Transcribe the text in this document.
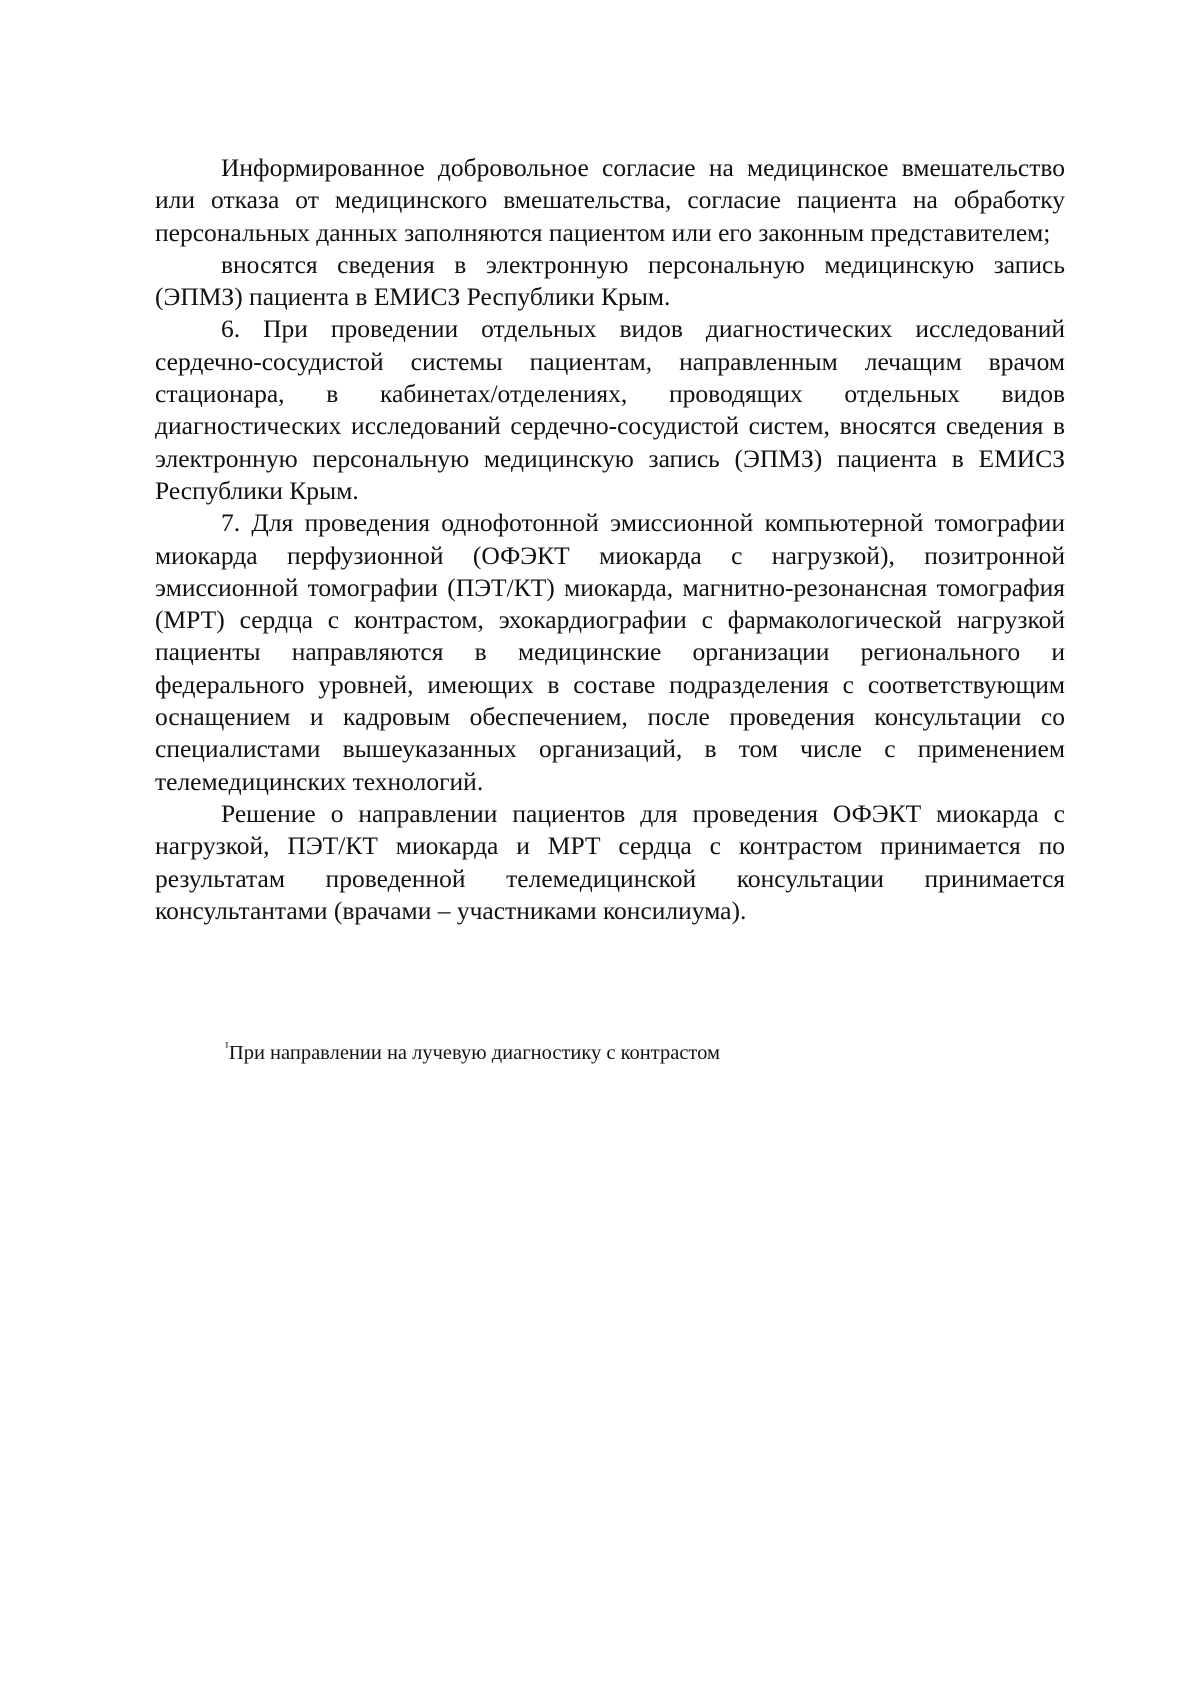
Информированное добровольное согласие на медицинское вмешательство или отказа от медицинского вмешательства, согласие пациента на обработку персональных данных заполняются пациентом или его законным представителем;

вносятся сведения в электронную персональную медицинскую запись (ЭПМЗ) пациента в ЕМИСЗ Республики Крым.

6. При проведении отдельных видов диагностических исследований сердечно-сосудистой системы пациентам, направленным лечащим врачом стационара, в кабинетах/отделениях, проводящих отдельных видов диагностических исследований сердечно-сосудистой систем, вносятся сведения в электронную персональную медицинскую запись (ЭПМЗ) пациента в ЕМИСЗ Республики Крым.

7. Для проведения однофотонной эмиссионной компьютерной томографии миокарда перфузионной (ОФЭКТ миокарда с нагрузкой), позитронной эмиссионной томографии (ПЭТ/КТ) миокарда, магнитно-резонансная томография (МРТ) сердца с контрастом, эхокардиографии с фармакологической нагрузкой пациенты направляются в медицинские организации регионального и федерального уровней, имеющих в составе подразделения с соответствующим оснащением и кадровым обеспечением, после проведения консультации со специалистами вышеуказанных организаций, в том числе с применением телемедицинских технологий.

Решение о направлении пациентов для проведения ОФЭКТ миокарда с нагрузкой, ПЭТ/КТ миокарда и МРТ сердца с контрастом принимается по результатам проведенной телемедицинской консультации принимается консультантами (врачами – участниками консилиума).

$^{^1}$При направлении на лучевую диагностику с контрастом
